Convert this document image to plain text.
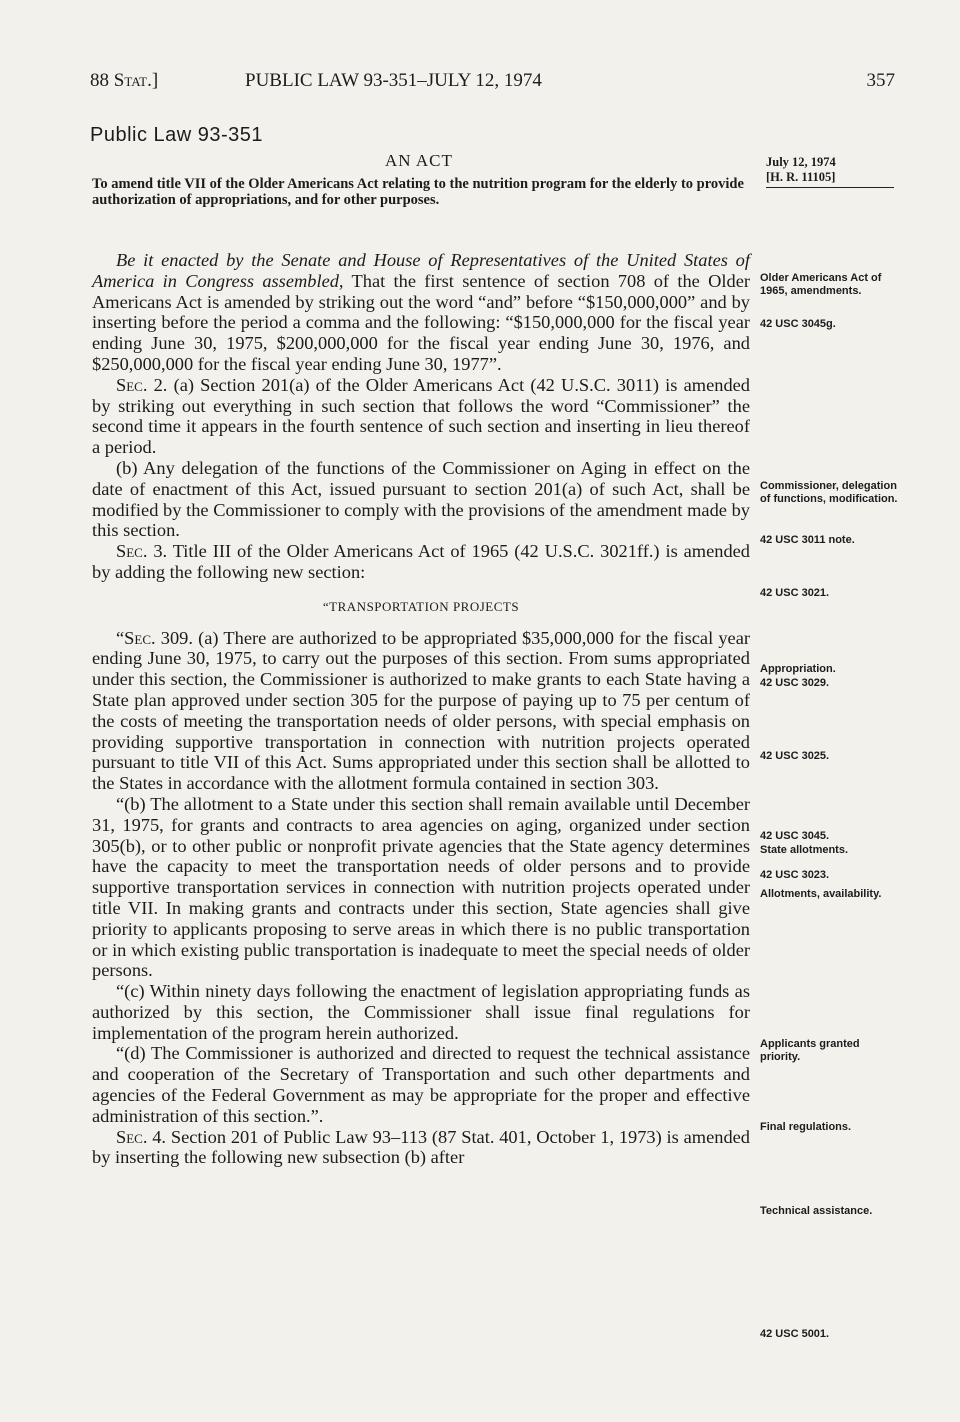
88 Stat.]	PUBLIC LAW 93-351–JULY 12, 1974	357
Public Law 93-351
AN ACT	July 12, 1974
[H. R. 11105]
To amend title VII of the Older Americans Act relating to the nutrition program for the elderly to provide authorization of appropriations, and for other purposes.

Be it enacted by the Senate and House of Representatives of the United States of America in Congress assembled, That the first sentence of section 708 of the Older Americans Act is amended by striking out the word “and” before “$150,000,000” and by inserting before the period a comma and the following: “$150,000,000 for the fiscal year ending June 30, 1975, $200,000,000 for the fiscal year ending June 30, 1976, and $250,000,000 for the fiscal year ending June 30, 1977”.

Sec. 2. (a) Section 201(a) of the Older Americans Act (42 U.S.C. 3011) is amended by striking out everything in such section that follows the word “Commissioner” the second time it appears in the fourth sentence of such section and inserting in lieu thereof a period.

(b) Any delegation of the functions of the Commissioner on Aging in effect on the date of enactment of this Act, issued pursuant to section 201(a) of such Act, shall be modified by the Commissioner to comply with the provisions of the amendment made by this section.

Sec. 3. Title III of the Older Americans Act of 1965 (42 U.S.C. 3021ff.) is amended by adding the following new section:

“TRANSPORTATION PROJECTS

“Sec. 309. (a) There are authorized to be appropriated $35,000,000 for the fiscal year ending June 30, 1975, to carry out the purposes of this section. From sums appropriated under this section, the Commissioner is authorized to make grants to each State having a State plan approved under section 305 for the purpose of paying up to 75 per centum of the costs of meeting the transportation needs of older persons, with special emphasis on providing supportive transportation in connection with nutrition projects operated pursuant to title VII of this Act. Sums appropriated under this section shall be allotted to the States in accordance with the allotment formula contained in section 303.

“(b) The allotment to a State under this section shall remain available until December 31, 1975, for grants and contracts to area agencies on aging, organized under section 305(b), or to other public or nonprofit private agencies that the State agency determines have the capacity to meet the transportation needs of older persons and to provide supportive transportation services in connection with nutrition projects operated under title VII. In making grants and contracts under this section, State agencies shall give priority to applicants proposing to serve areas in which there is no public transportation or in which existing public transportation is inadequate to meet the special needs of older persons.

“(c) Within ninety days following the enactment of legislation appropriating funds as authorized by this section, the Commissioner shall issue final regulations for implementation of the program herein authorized.

“(d) The Commissioner is authorized and directed to request the technical assistance and cooperation of the Secretary of Transportation and such other departments and agencies of the Federal Government as may be appropriate for the proper and effective administration of this section.”.

Sec. 4. Section 201 of Public Law 93–113 (87 Stat. 401, October 1, 1973) is amended by inserting the following new subsection (b) after

Older Americans Act of 1965, amendments.
42 USC 3045g.
Commissioner, delegation of functions, modification.
42 USC 3011 note.
42 USC 3021.
Appropriation.
42 USC 3029.
42 USC 3025.
42 USC 3045.
State allotments.
42 USC 3023.
Allotments, availability.
Applicants granted priority.
Final regulations.
Technical assistance.
42 USC 5001.
